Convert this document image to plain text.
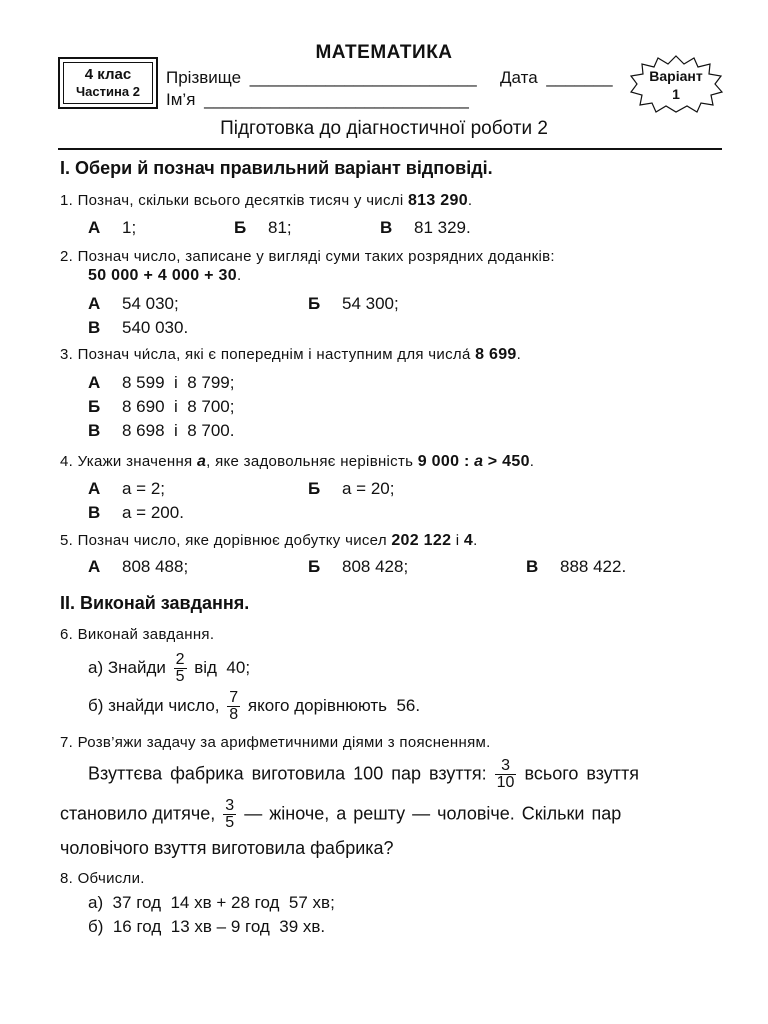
МАТЕМАТИКА
4 клас
Частина 2
Прізвище ________________________ Дата _______
Ім’я ____________________________
Варіант
1
Підготовка до діагностичної роботи 2
I. Обери й познач правильний варіант відповіді.
1. Познач, скільки всього десятків тисяч у числі 813 290.
А 1;	Б 81;	В 81 329.
2. Познач число, записане у вигляді суми таких розрядних доданків:
50 000 + 4 000 + 30.
А 54 030;	Б 54 300;
В 540 030.
3. Познач чи́сла, які є попереднім і наступним для числа́ 8 699.
А 8 599  і  8 799;
Б 8 690  і  8 700;
В 8 698  і  8 700.
4. Укажи значення a, яке задовольняє нерівність 9 000 : a > 450.
А a = 2;	Б a = 20;
В a = 200.
5. Познач число, яке дорівнює добутку чисел 202 122 і 4.
А 808 488;	Б 808 428;	В 888 422.
II. Виконай завдання.
6. Виконай завдання.
а) Знайди $\frac{2}{5}$ від  40;
б) знайди число, $\frac{7}{8}$ якого дорівнюють  56.
7. Розв’яжи задачу за арифметичними діями з поясненням.
Взуттєва фабрика виготовила 100 пар взуття: $\frac{3}{10}$ всього взуття
становило дитяче, $\frac{3}{5}$ — жіноче, а решту — чоловіче. Скільки пар
чоловічого взуття виготовила фабрика?
8. Обчисли.
а)  37 год  14 хв + 28 год  57 хв;
б)  16 год  13 хв – 9 год  39 хв.
